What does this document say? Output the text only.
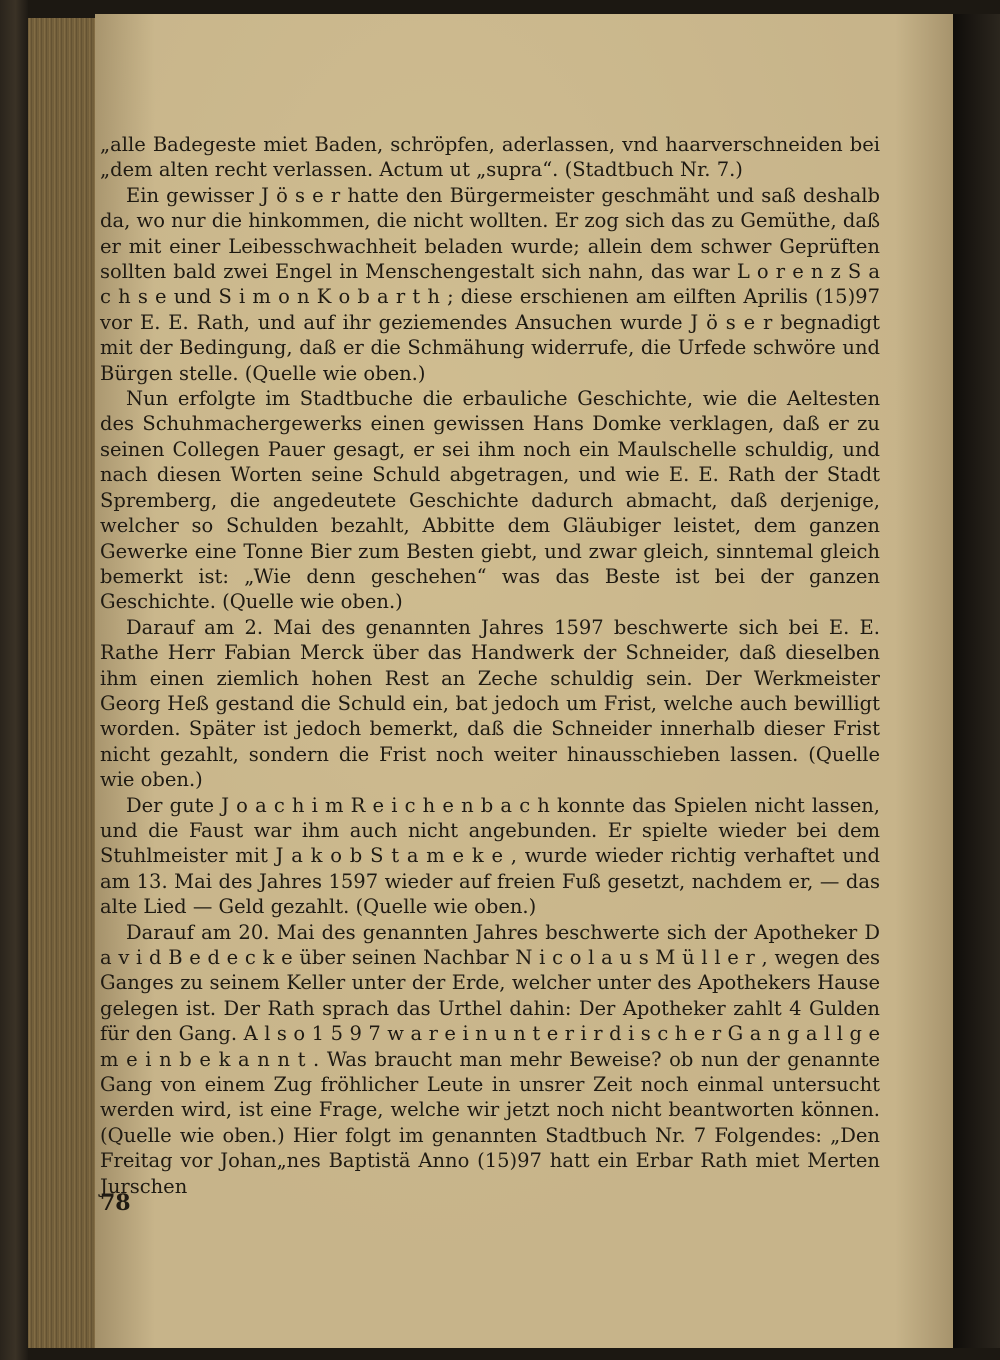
„alle Badegeste miet Baden, schröpfen, aderlassen, vnd haarverschneiden bei „dem alten recht verlassen. Actum ut „supra“. (Stadtbuch Nr. 7.)

Ein gewisser J ö s e r hatte den Bürgermeister geschmäht und saß deshalb da, wo nur die hinkommen, die nicht wollten. Er zog sich das zu Gemüthe, daß er mit einer Leibesschwachheit beladen wurde; allein dem schwer Geprüften sollten bald zwei Engel in Menschengestalt sich nahn, das war L o r e n z S a c h s e und S i m o n K o b a r t h ; diese erschienen am eilften Aprilis (15)97 vor E. E. Rath, und auf ihr geziemendes Ansuchen wurde J ö s e r begnadigt mit der Bedingung, daß er die Schmähung widerrufe, die Urfede schwöre und Bürgen stelle. (Quelle wie oben.)

Nun erfolgte im Stadtbuche die erbauliche Geschichte, wie die Aeltesten des Schuhmachergewerks einen gewissen Hans Domke verklagen, daß er zu seinen Collegen Pauer gesagt, er sei ihm noch ein Maulschelle schuldig, und nach diesen Worten seine Schuld abgetragen, und wie E. E. Rath der Stadt Spremberg, die angedeutete Geschichte dadurch abmacht, daß derjenige, welcher so Schulden bezahlt, Abbitte dem Gläubiger leistet, dem ganzen Gewerke eine Tonne Bier zum Besten giebt, und zwar gleich, sinntemal gleich bemerkt ist: „Wie denn geschehen“ was das Beste ist bei der ganzen Geschichte. (Quelle wie oben.)

Darauf am 2. Mai des genannten Jahres 1597 beschwerte sich bei E. E. Rathe Herr Fabian Merck über das Handwerk der Schneider, daß dieselben ihm einen ziemlich hohen Rest an Zeche schuldig sein. Der Werkmeister Georg Heß gestand die Schuld ein, bat jedoch um Frist, welche auch bewilligt worden. Später ist jedoch bemerkt, daß die Schneider innerhalb dieser Frist nicht gezahlt, sondern die Frist noch weiter hinausschieben lassen. (Quelle wie oben.)

Der gute J o a c h i m R e i c h e n b a c h konnte das Spielen nicht lassen, und die Faust war ihm auch nicht angebunden. Er spielte wieder bei dem Stuhlmeister mit J a k o b S t a m e k e , wurde wieder richtig verhaftet und am 13. Mai des Jahres 1597 wieder auf freien Fuß gesetzt, nachdem er, — das alte Lied — Geld gezahlt. (Quelle wie oben.)

Darauf am 20. Mai des genannten Jahres beschwerte sich der Apotheker D a v i d B e d e c k e über seinen Nachbar N i c o l a u s M ü l l e r , wegen des Ganges zu seinem Keller unter der Erde, welcher unter des Apothekers Hause gelegen ist. Der Rath sprach das Urthel dahin: Der Apotheker zahlt 4 Gulden für den Gang. A l s o 1 5 9 7 w a r e i n u n t e r i r d i s c h e r G a n g a l l g e m e i n b e k a n n t . Was braucht man mehr Beweise? ob nun der genannte Gang von einem Zug fröhlicher Leute in unsrer Zeit noch einmal untersucht werden wird, ist eine Frage, welche wir jetzt noch nicht beantworten können. (Quelle wie oben.) Hier folgt im genannten Stadtbuch Nr. 7 Folgendes: „Den Freitag vor Johan„nes Baptistä Anno (15)97 hatt ein Erbar Rath miet Merten Jurschen

78
